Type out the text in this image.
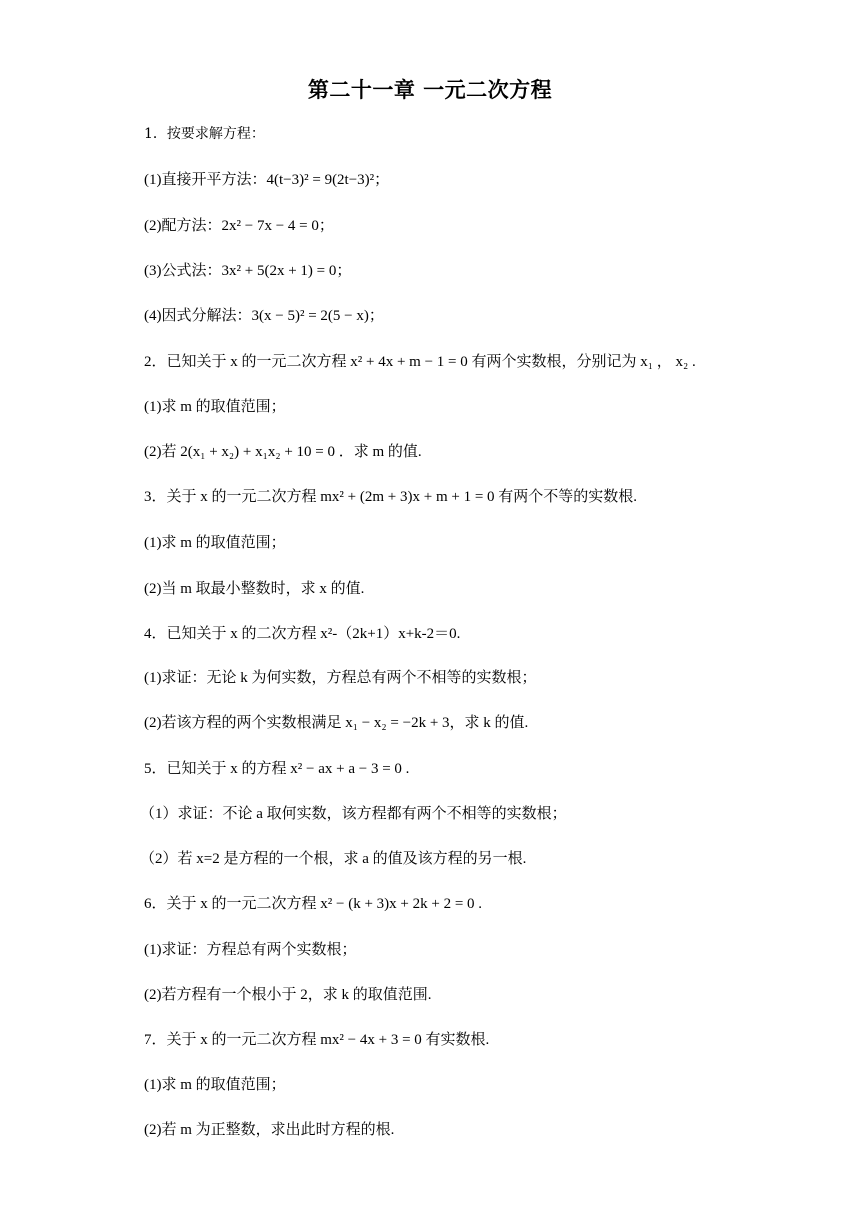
第二十一章 一元二次方程
1．按要求解方程：
(1)直接开平方法：4(t−3)² = 9(2t−3)²；
(2)配方法：2x² − 7x − 4 = 0；
(3)公式法：3x² + 5(2x + 1) = 0；
(4)因式分解法：3(x − 5)² = 2(5 − x)；
2．已知关于 x 的一元二次方程 x² + 4x + m − 1 = 0 有两个实数根，分别记为 x₁ ， x₂ .
(1)求 m 的取值范围；
(2)若 2(x₁ + x₂) + x₁x₂ + 10 = 0 ．求 m 的值.
3．关于 x 的一元二次方程 mx² + (2m + 3)x + m + 1 = 0 有两个不等的实数根.
(1)求 m 的取值范围；
(2)当 m 取最小整数时，求 x 的值.
4．已知关于 x 的二次方程 x²-（2k+1）x+k-2＝0.
(1)求证：无论 k 为何实数，方程总有两个不相等的实数根；
(2)若该方程的两个实数根满足 x₁ − x₂ = −2k + 3，求 k 的值.
5．已知关于 x 的方程 x² − ax + a − 3 = 0 .
（1）求证：不论 a 取何实数，该方程都有两个不相等的实数根；
（2）若 x=2 是方程的一个根，求 a 的值及该方程的另一根.
6．关于 x 的一元二次方程 x² − (k + 3)x + 2k + 2 = 0 .
(1)求证：方程总有两个实数根；
(2)若方程有一个根小于 2，求 k 的取值范围.
7．关于 x 的一元二次方程 mx² − 4x + 3 = 0 有实数根.
(1)求 m 的取值范围；
(2)若 m 为正整数，求出此时方程的根.
